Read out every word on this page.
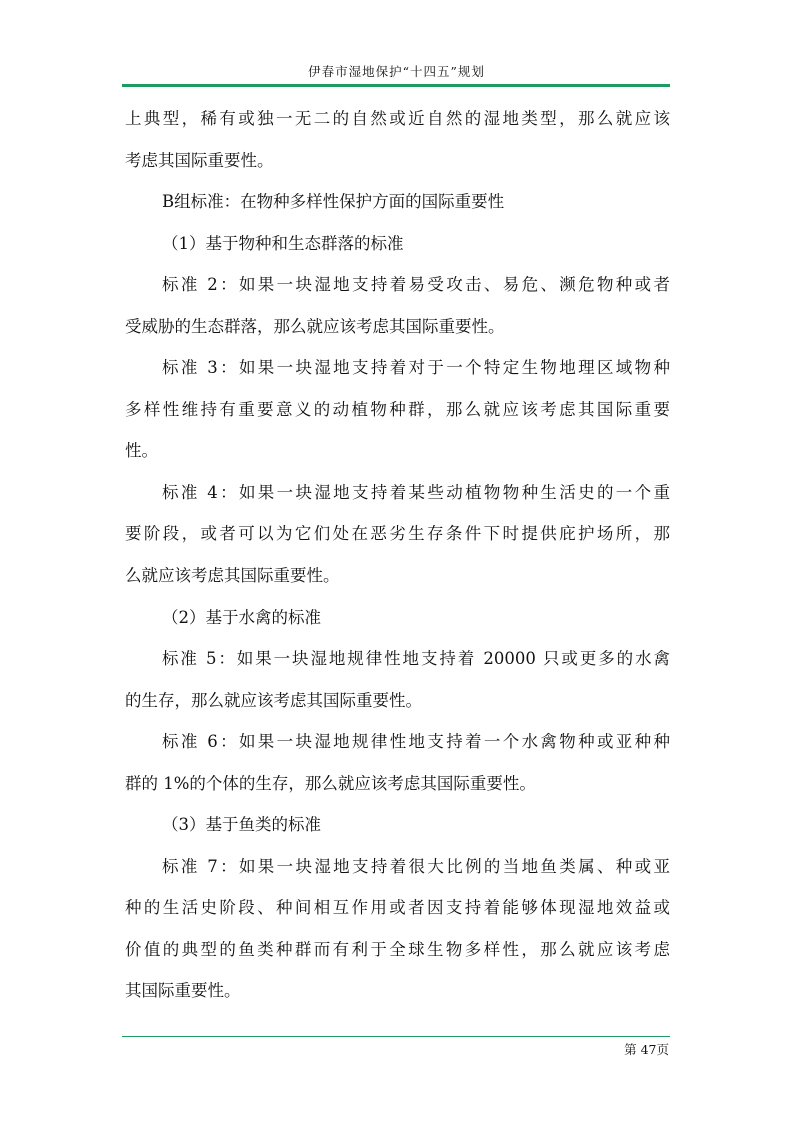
伊春市湿地保护“十四五”规划
上典型，稀有或独一无二的自然或近自然的湿地类型，那么就应该
考虑其国际重要性。
B组标准：在物种多样性保护方面的国际重要性
（1）基于物种和生态群落的标准
标准 2：如果一块湿地支持着易受攻击、易危、濒危物种或者
受威胁的生态群落，那么就应该考虑其国际重要性。
标准 3：如果一块湿地支持着对于一个特定生物地理区域物种
多样性维持有重要意义的动植物种群，那么就应该考虑其国际重要
性。
标准 4：如果一块湿地支持着某些动植物物种生活史的一个重
要阶段，或者可以为它们处在恶劣生存条件下时提供庇护场所，那
么就应该考虑其国际重要性。
（2）基于水禽的标准
标准 5：如果一块湿地规律性地支持着 20000 只或更多的水禽
的生存，那么就应该考虑其国际重要性。
标准 6：如果一块湿地规律性地支持着一个水禽物种或亚种种
群的 1%的个体的生存，那么就应该考虑其国际重要性。
（3）基于鱼类的标准
标准 7：如果一块湿地支持着很大比例的当地鱼类属、种或亚
种的生活史阶段、种间相互作用或者因支持着能够体现湿地效益或
价值的典型的鱼类种群而有利于全球生物多样性，那么就应该考虑
其国际重要性。
第 47页
